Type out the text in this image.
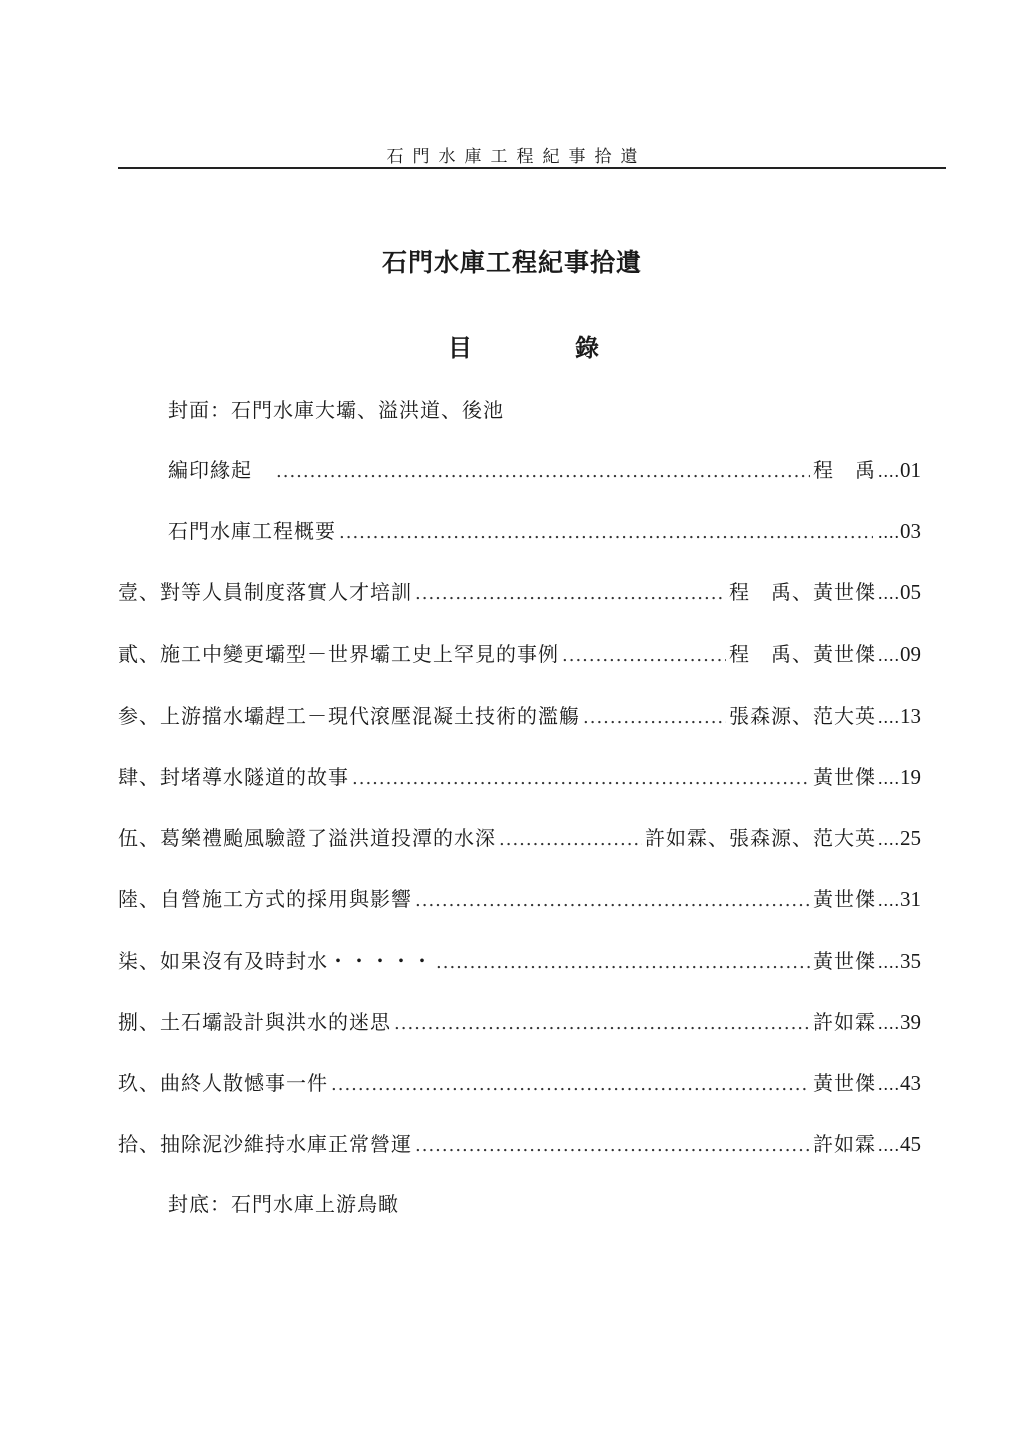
石門水庫工程紀事拾遺
石門水庫工程紀事拾遺
目	錄
封面：石門水庫大壩、溢洪道、後池
編印緣起 .....	程　禹	.... 01
石門水庫工程概要 .....	.... 03
壹、 對等人員制度落實人才培訓 .....	程　禹、黃世傑	.... 05
貳、 施工中變更壩型－世界壩工史上罕見的事例 .....	程　禹、黃世傑	.... 09
参、 上游擋水壩趕工－現代滾壓混凝土技術的濫觴 .....	張森源、范大英	.... 13
肆、 封堵導水隧道的故事 .....	黃世傑	.... 19
伍、 葛樂禮颱風驗證了溢洪道投潭的水深 .....	許如霖、張森源、范大英	.... 25
陸、 自營施工方式的採用與影響 .....	黃世傑	.... 31
柒、 如果沒有及時封水・・・・・ .....	黃世傑	.... 35
捌、 土石壩設計與洪水的迷思 .....	許如霖	.... 39
玖、 曲終人散憾事一件 .....	黃世傑	.... 43
拾、 抽除泥沙維持水庫正常營運 .....	許如霖	.... 45
封底：石門水庫上游鳥瞰
